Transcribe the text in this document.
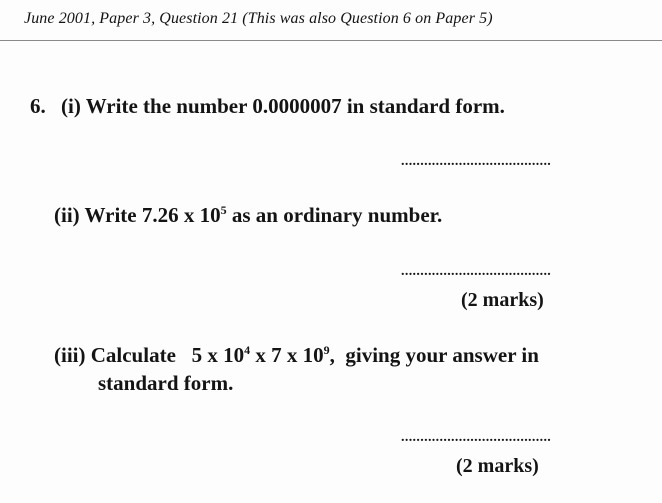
June 2001, Paper 3, Question 21 (This was also Question 6 on Paper 5)
6. (i) Write the number 0.0000007 in standard form.
.......................................
(ii) Write 7.26 x $10^5$ as an ordinary number.
.......................................
(2 marks)
(iii) Calculate   5 x $10^4$ x 7 x $10^9$,  giving your answer in
standard form.
.......................................
(2 marks)
